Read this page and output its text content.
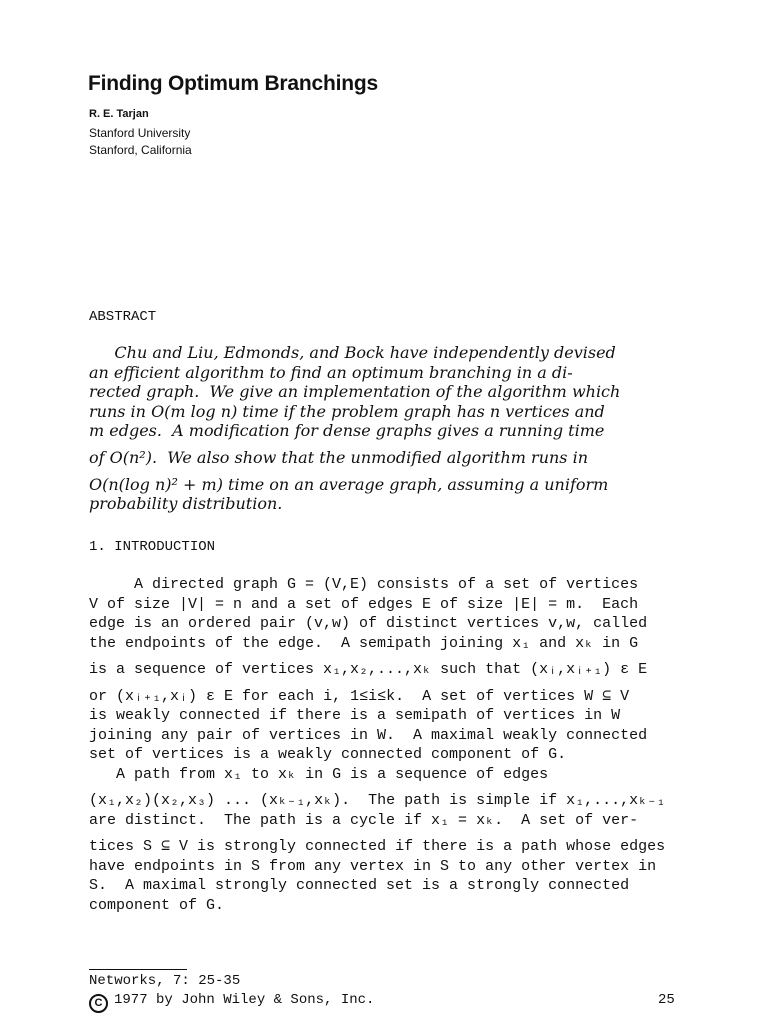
Finding Optimum Branchings
R. E. Tarjan
Stanford University
Stanford, California
ABSTRACT
Chu and Liu, Edmonds, and Bock have independently devised
an efficient algorithm to find an optimum branching in a di-
rected graph.  We give an implementation of the algorithm which
runs in O(m log n) time if the problem graph has n vertices and
m edges.  A modification for dense graphs gives a running time
of O(n²).  We also show that the unmodified algorithm runs in
O(n(log n)² + m) time on an average graph, assuming a uniform
probability distribution.
1. INTRODUCTION
A directed graph G = (V,E) consists of a set of vertices
V of size |V| = n and a set of edges E of size |E| = m.  Each
edge is an ordered pair (v,w) of distinct vertices v,w, called
the endpoints of the edge.  A semipath joining x₁ and xₖ in G
is a sequence of vertices x₁,x₂,...,xₖ such that (xᵢ,xᵢ₊₁) ε E
or (xᵢ₊₁,xᵢ) ε E for each i, 1≤i≤k.  A set of vertices W ⊆ V
is weakly connected if there is a semipath of vertices in W
joining any pair of vertices in W.  A maximal weakly connected
set of vertices is a weakly connected component of G.
A path from x₁ to xₖ in G is a sequence of edges
(x₁,x₂)(x₂,x₃) ... (xₖ₋₁,xₖ).  The path is simple if x₁,...,xₖ₋₁
are distinct.  The path is a cycle if x₁ = xₖ.  A set of ver-
tices S ⊆ V is strongly connected if there is a path whose edges
have endpoints in S from any vertex in S to any other vertex in
S.  A maximal strongly connected set is a strongly connected
component of G.
Networks, 7: 25-35
C 1977 by John Wiley & Sons, Inc.	25
